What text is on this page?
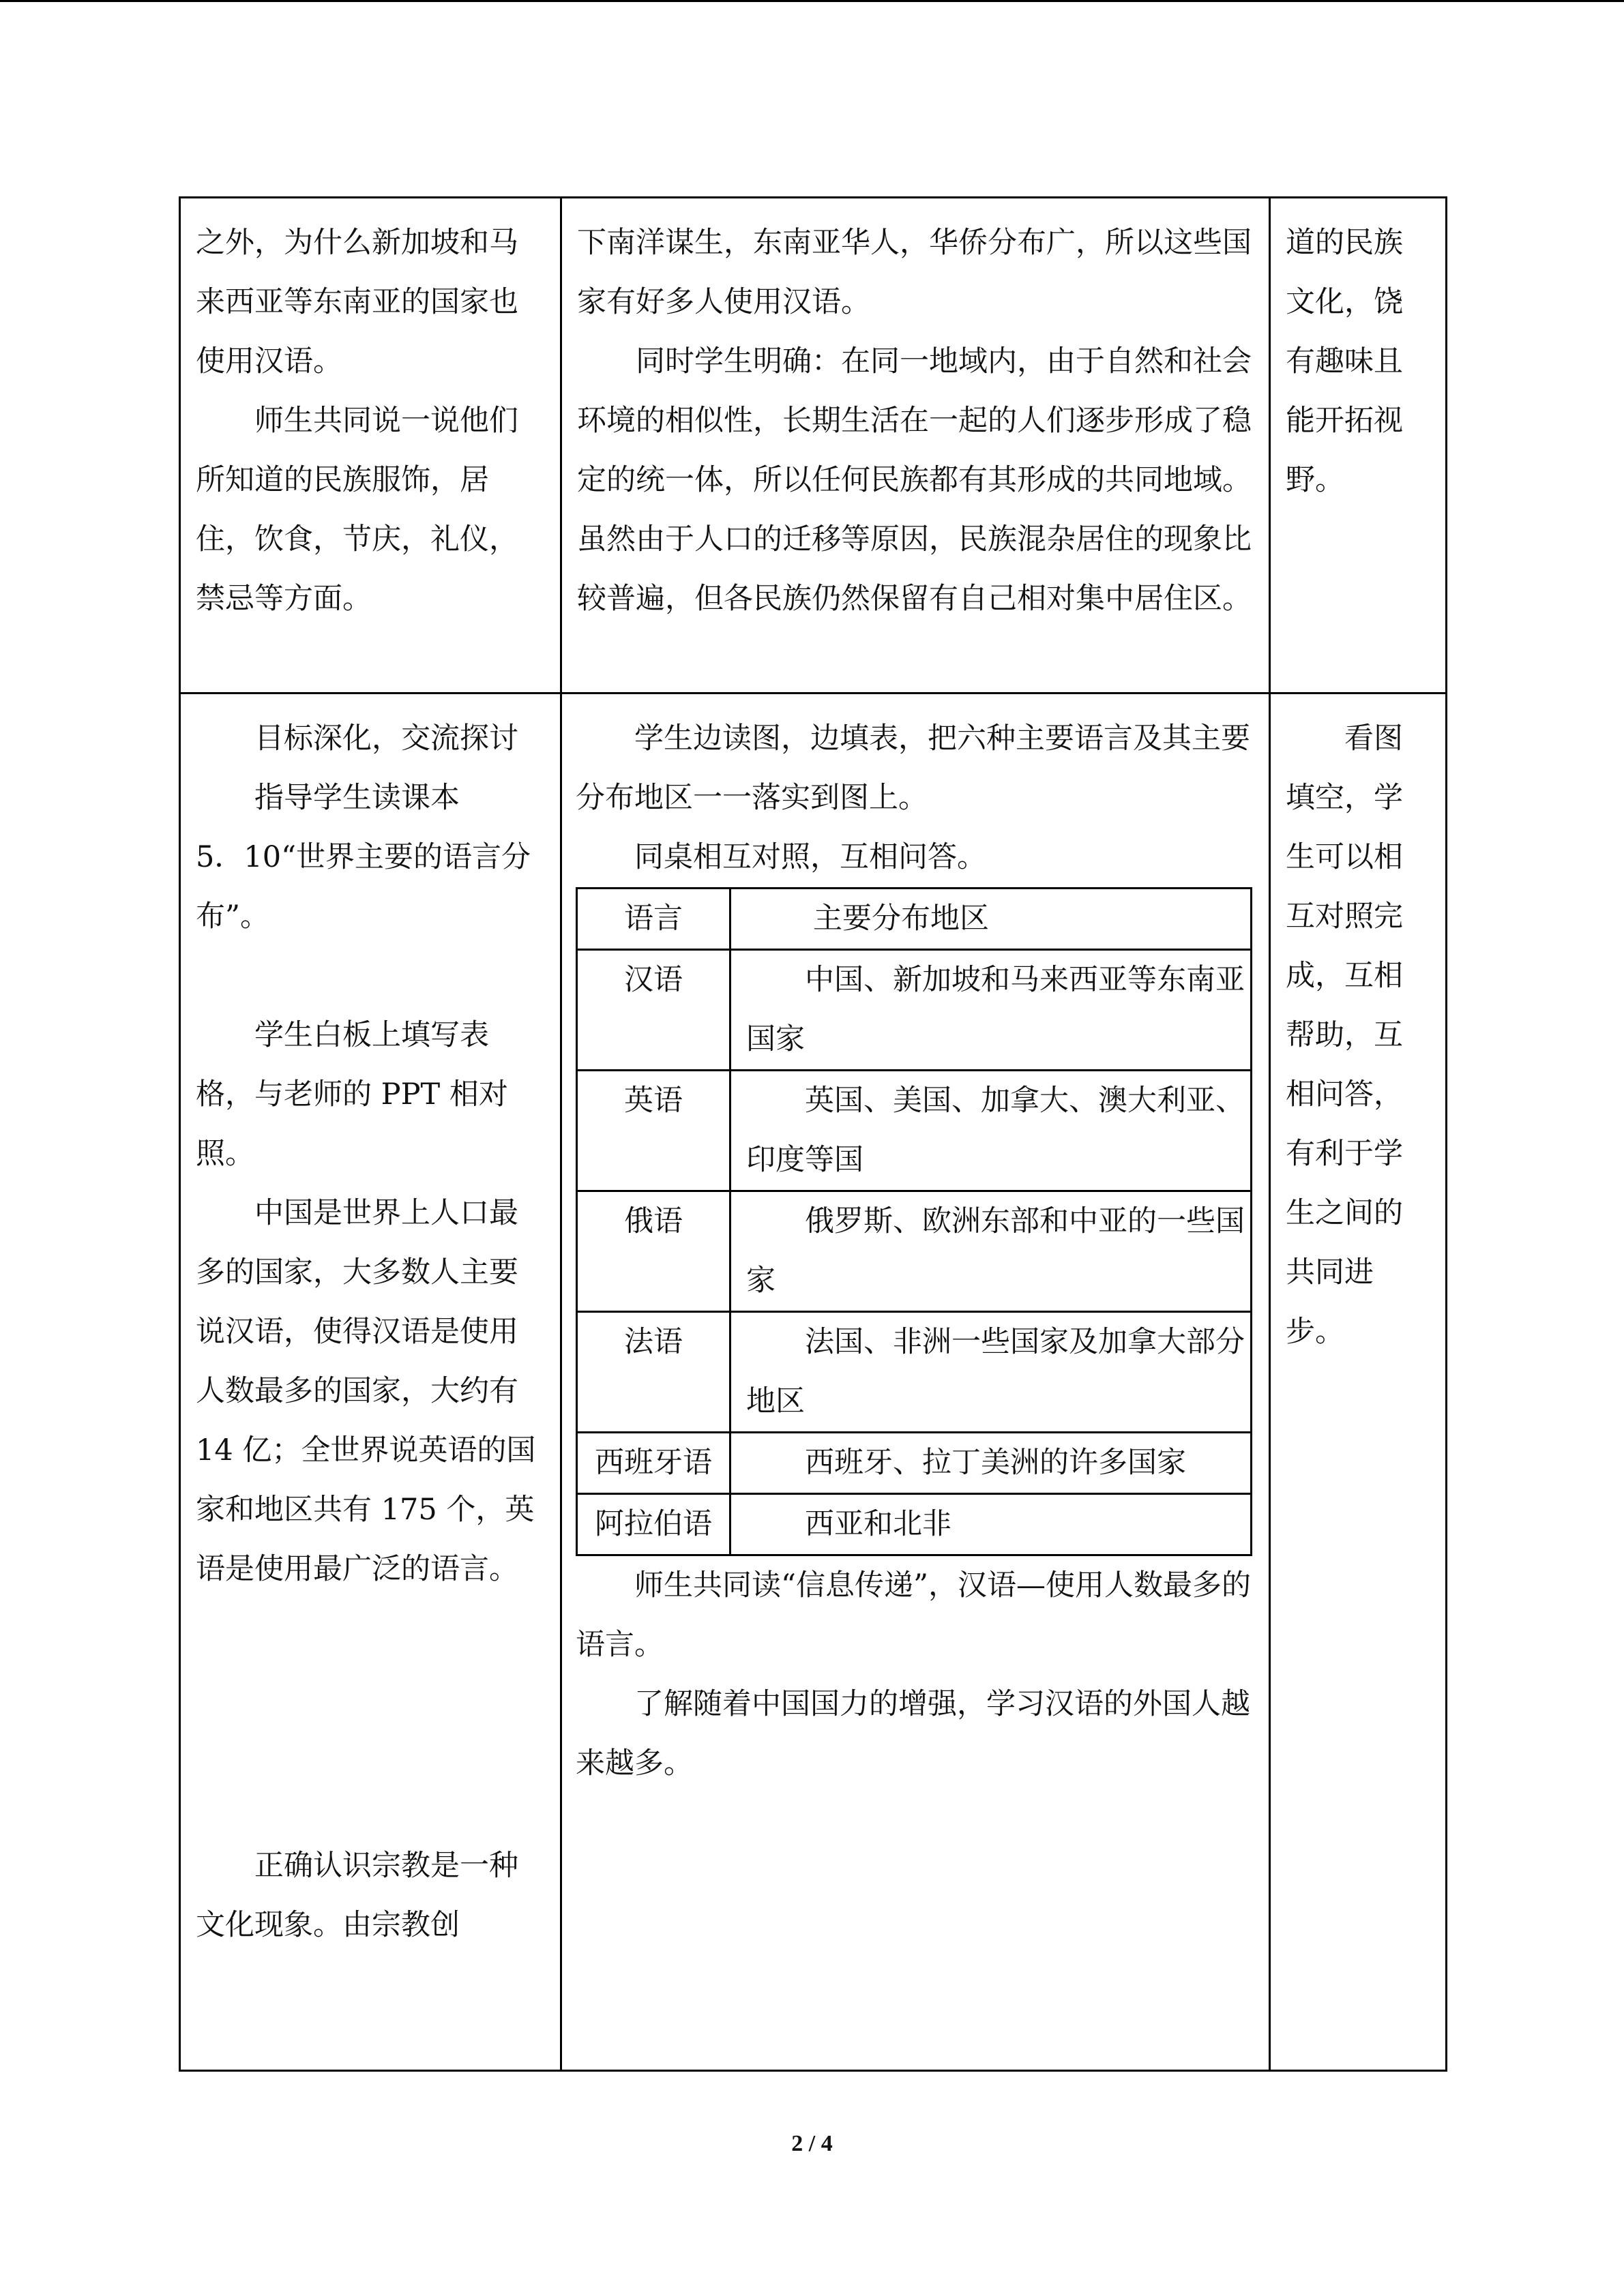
之外，为什么新加坡和马来西亚等东南亚的国家也使用汉语。

师生共同说一说他们所知道的民族服饰，居住，饮食，节庆，礼仪，禁忌等方面。

下南洋谋生，东南亚华人，华侨分布广，所以这些国家有好多人使用汉语。

同时学生明确：在同一地域内，由于自然和社会环境的相似性，长期生活在一起的人们逐步形成了稳定的统一体，所以任何民族都有其形成的共同地域。虽然由于人口的迁移等原因，民族混杂居住的现象比较普遍，但各民族仍然保留有自己相对集中居住区。

道的民族文化，饶有趣味且能开拓视野。

目标深化，交流探讨

指导学生读课本

5．10“世界主要的语言分布”。

学生白板上填写表格，与老师的 PPT 相对照。

中国是世界上人口最多的国家，大多数人主要说汉语，使得汉语是使用人数最多的国家，大约有 14 亿；全世界说英语的国家和地区共有 175 个，英语是使用最广泛的语言。

正确认识宗教是一种文化现象。由宗教创

学生边读图，边填表，把六种主要语言及其主要分布地区一一落实到图上。

同桌相互对照，互相问答。

语言	主要分布地区
汉语	中国、新加坡和马来西亚等东南亚国家

英语	英国、美国、加拿大、澳大利亚、印度等国

俄语	俄罗斯、欧洲东部和中亚的一些国家

法语	法国、非洲一些国家及加拿大部分地区

西班牙语	西班牙、拉丁美洲的许多国家

阿拉伯语	西亚和北非

师生共同读“信息传递”，汉语—使用人数最多的语言。

了解随着中国国力的增强，学习汉语的外国人越来越多。

看图填空，学生可以相互对照完成，互相帮助，互相问答，有利于学生之间的共同进步。

2 / 4
